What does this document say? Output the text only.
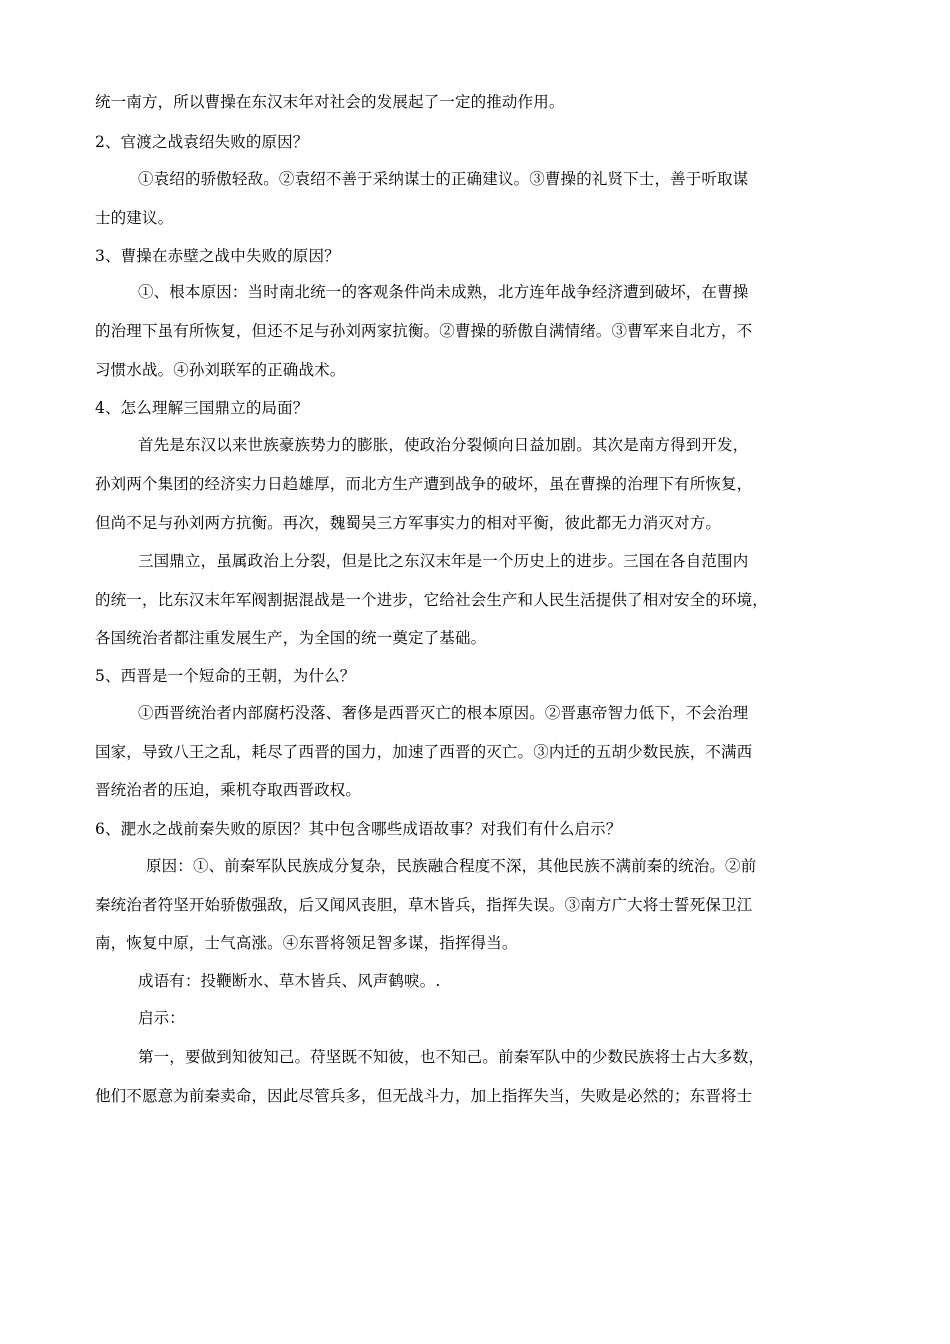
统一南方，所以曹操在东汉末年对社会的发展起了一定的推动作用。
2、官渡之战袁绍失败的原因？
①袁绍的骄傲轻敌。②袁绍不善于采纳谋士的正确建议。③曹操的礼贤下士，善于听取谋
士的建议。
3、曹操在赤壁之战中失败的原因？
①、根本原因：当时南北统一的客观条件尚未成熟，北方连年战争经济遭到破坏，在曹操
的治理下虽有所恢复，但还不足与孙刘两家抗衡。②曹操的骄傲自满情绪。③曹军来自北方，不
习惯水战。④孙刘联军的正确战术。
4、怎么理解三国鼎立的局面？
首先是东汉以来世族豪族势力的膨胀，使政治分裂倾向日益加剧。其次是南方得到开发，
孙刘两个集团的经济实力日趋雄厚，而北方生产遭到战争的破坏，虽在曹操的治理下有所恢复，
但尚不足与孙刘两方抗衡。再次，魏蜀吴三方军事实力的相对平衡，彼此都无力消灭对方。
三国鼎立，虽属政治上分裂，但是比之东汉末年是一个历史上的进步。三国在各自范围内
的统一，比东汉末年军阀割据混战是一个进步，它给社会生产和人民生活提供了相对安全的环境，
各国统治者都注重发展生产，为全国的统一奠定了基础。
5、西晋是一个短命的王朝，为什么？
①西晋统治者内部腐朽没落、奢侈是西晋灭亡的根本原因。②晋惠帝智力低下，不会治理
国家，导致八王之乱，耗尽了西晋的国力，加速了西晋的灭亡。③内迁的五胡少数民族，不满西
晋统治者的压迫，乘机夺取西晋政权。
6、淝水之战前秦失败的原因？其中包含哪些成语故事？对我们有什么启示？
原因：①、前秦军队民族成分复杂，民族融合程度不深，其他民族不满前秦的统治。②前
秦统治者符坚开始骄傲强敌，后又闻风丧胆，草木皆兵，指挥失误。③南方广大将士誓死保卫江
南，恢复中原，士气高涨。④东晋将领足智多谋，指挥得当。
成语有：投鞭断水、草木皆兵、风声鹤唳。.
启示：
第一，要做到知彼知己。苻坚既不知彼，也不知己。前秦军队中的少数民族将士占大多数，
他们不愿意为前秦卖命，因此尽管兵多，但无战斗力，加上指挥失当，失败是必然的；东晋将士
